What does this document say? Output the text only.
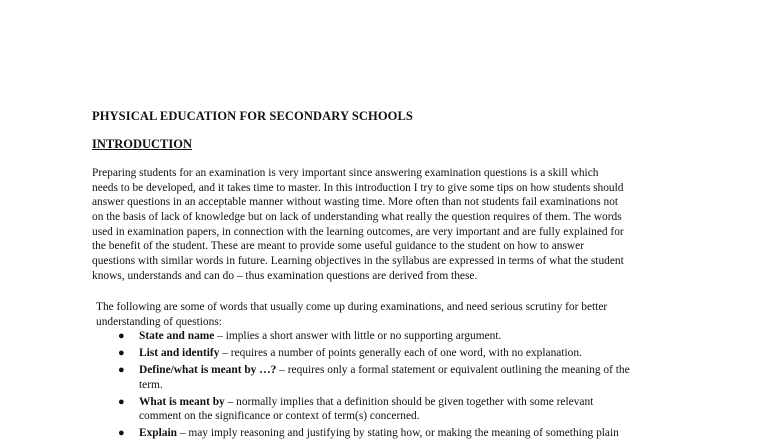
PHYSICAL EDUCATION FOR SECONDARY SCHOOLS
INTRODUCTION
Preparing students for an examination is very important since answering examination questions is a skill which
needs to be developed, and it takes time to master. In this introduction I try to give some tips on how students should
answer questions in an acceptable manner without wasting time. More often than not students fail examinations not
on the basis of lack of knowledge but on lack of understanding what really the question requires of them. The words
used in examination papers, in connection with the learning outcomes, are very important and are fully explained for
the benefit of the student. These are meant to provide some useful guidance to the student on how to answer
questions with similar words in future. Learning objectives in the syllabus are expressed in terms of what the student
knows, understands and can do – thus examination questions are derived from these.
The following are some of words that usually come up during examinations, and need serious scrutiny for better
understanding of questions:
● State and name – implies a short answer with little or no supporting argument.
● List and identify – requires a number of points generally each of one word, with no explanation.
● Define/what is meant by …? – requires only a formal statement or equivalent outlining the meaning of the
term.
● What is meant by – normally implies that a definition should be given together with some relevant
comment on the significance or context of term(s) concerned.
● Explain – may imply reasoning and justifying by stating how, or making the meaning of something plain
